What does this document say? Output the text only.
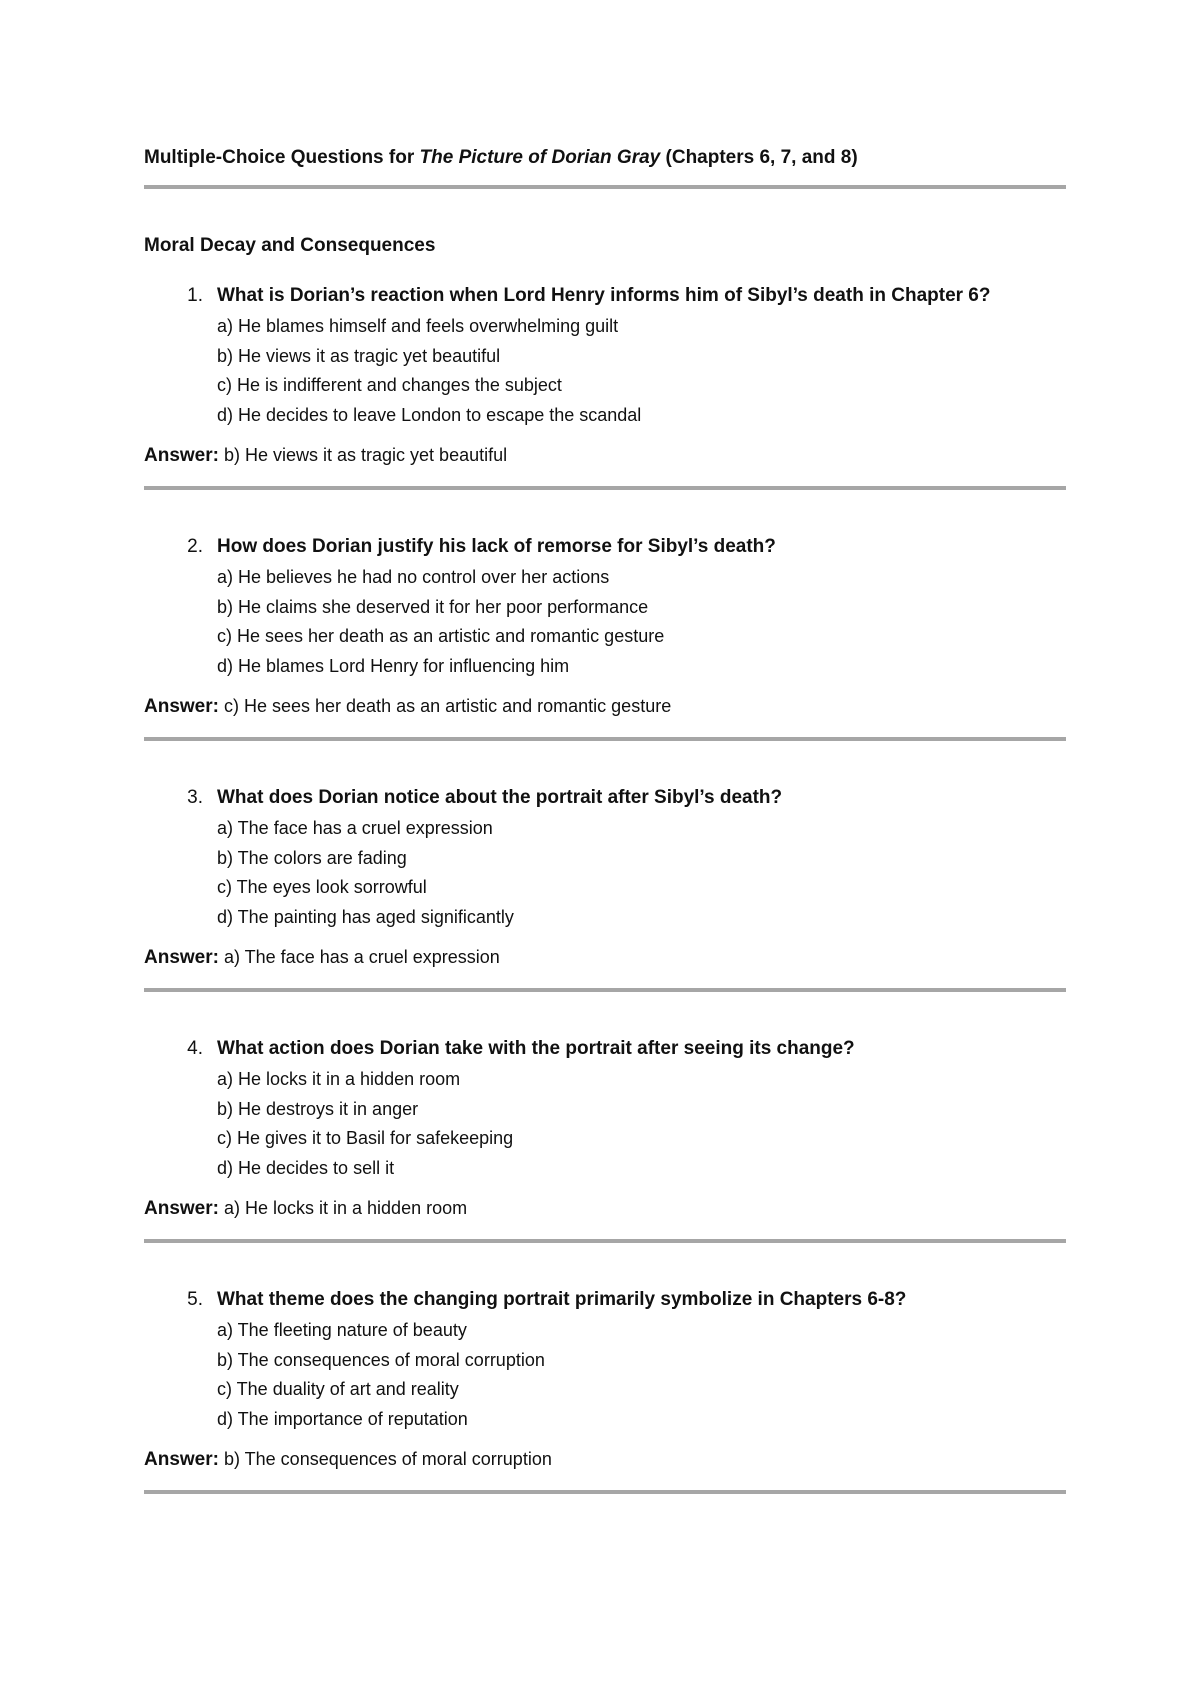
Multiple-Choice Questions for The Picture of Dorian Gray (Chapters 6, 7, and 8)
Moral Decay and Consequences

1. What is Dorian’s reaction when Lord Henry informs him of Sibyl’s death in Chapter 6?

a) He blames himself and feels overwhelming guilt
b) He views it as tragic yet beautiful
c) He is indifferent and changes the subject
d) He decides to leave London to escape the scandal

Answer: b) He views it as tragic yet beautiful

2. How does Dorian justify his lack of remorse for Sibyl’s death?

a) He believes he had no control over her actions
b) He claims she deserved it for her poor performance
c) He sees her death as an artistic and romantic gesture
d) He blames Lord Henry for influencing him

Answer: c) He sees her death as an artistic and romantic gesture

3. What does Dorian notice about the portrait after Sibyl’s death?

a) The face has a cruel expression
b) The colors are fading
c) The eyes look sorrowful
d) The painting has aged significantly

Answer: a) The face has a cruel expression

4. What action does Dorian take with the portrait after seeing its change?

a) He locks it in a hidden room
b) He destroys it in anger
c) He gives it to Basil for safekeeping
d) He decides to sell it

Answer: a) He locks it in a hidden room

5. What theme does the changing portrait primarily symbolize in Chapters 6-8?

a) The fleeting nature of beauty
b) The consequences of moral corruption
c) The duality of art and reality
d) The importance of reputation

Answer: b) The consequences of moral corruption
